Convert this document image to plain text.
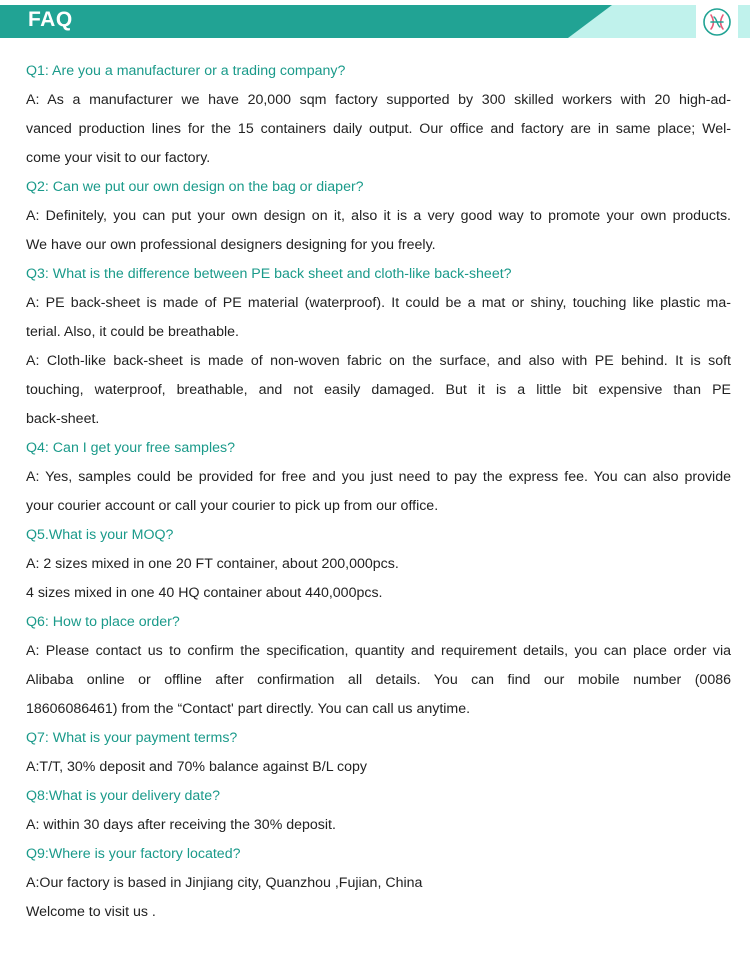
FAQ
Q1: Are you a manufacturer or a trading company?
A: As a manufacturer we have 20,000 sqm factory supported by 300 skilled workers with 20 high-ad-
vanced production lines for the 15 containers daily output. Our office and factory are in same place; Wel-
come your visit to our factory.
Q2: Can we put our own design on the bag or diaper?
A: Definitely, you can put your own design on it, also it is a very good way to promote your own products.
We have our own professional designers designing for you freely.
Q3: What is the difference between PE back sheet and cloth-like back-sheet?
A: PE back-sheet is made of PE material (waterproof). It could be a mat or shiny, touching like plastic ma-
terial. Also, it could be breathable.
A: Cloth-like back-sheet is made of non-woven fabric on the surface, and also with PE behind. It is soft
touching, waterproof, breathable, and not easily damaged. But it is a little bit expensive than PE
back-sheet.
Q4: Can I get your free samples?
A: Yes, samples could be provided for free and you just need to pay the express fee. You can also provide
your courier account or call your courier to pick up from our office.
Q5.What is your MOQ?
A: 2 sizes mixed in one 20 FT container, about 200,000pcs.
4 sizes mixed in one 40 HQ container about 440,000pcs.
Q6: How to place order?
A: Please contact us to confirm the specification, quantity and requirement details, you can place order via
Alibaba online or offline after confirmation all details. You can find our mobile number (0086
18606086461) from the “Contact' part directly. You can call us anytime.
Q7: What is your payment terms?
A:T/T, 30% deposit and 70% balance against B/L copy
Q8:What is your delivery date?
A: within 30 days after receiving the 30% deposit.
Q9:Where is your factory located?
A:Our factory is based in Jinjiang city, Quanzhou ,Fujian, China
Welcome to visit us .
